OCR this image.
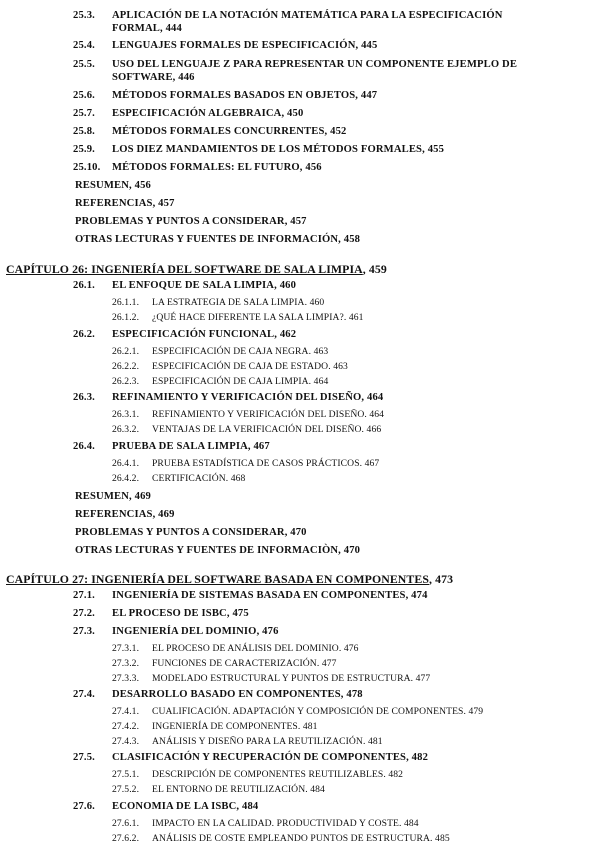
25.3. APLICACIÓN DE LA NOTACIÓN MATEMÁTICA PARA LA ESPECIFICACIÓN
FORMAL, 444
25.4. LENGUAJES FORMALES DE ESPECIFICACIÓN, 445
25.5. USO DEL LENGUAJE Z PARA REPRESENTAR UN COMPONENTE EJEMPLO DE
SOFTWARE, 446
25.6. MÉTODOS FORMALES BASADOS EN OBJETOS, 447
25.7. ESPECIFICACIÓN ALGEBRAICA, 450
25.8. MÉTODOS FORMALES CONCURRENTES, 452
25.9. LOS DIEZ MANDAMIENTOS DE LOS MÉTODOS FORMALES, 455
25.10. MÉTODOS FORMALES: EL FUTURO, 456
RESUMEN, 456
REFERENCIAS, 457
PROBLEMAS Y PUNTOS A CONSIDERAR, 457
OTRAS LECTURAS Y FUENTES DE INFORMACIÓN, 458
CAPÍTULO 26: INGENIERÍA DEL SOFTWARE DE SALA LIMPIA, 459
26.1. EL ENFOQUE DE SALA LIMPIA, 460
26.1.1. LA ESTRATEGIA DE SALA LIMPIA. 460
26.1.2. ¿QUÉ HACE DIFERENTE LA SALA LIMPIA?. 461
26.2. ESPECIFICACIÓN FUNCIONAL, 462
26.2.1. ESPECIFICACIÓN DE CAJA NEGRA. 463
26.2.2. ESPECIFICACIÓN DE CAJA DE ESTADO. 463
26.2.3. ESPECIFICACIÓN DE CAJA LIMPIA. 464
26.3. REFINAMIENTO Y VERIFICACIÓN DEL DISEÑO, 464
26.3.1. REFINAMIENTO Y VERIFICACIÓN DEL DISEÑO. 464
26.3.2. VENTAJAS DE LA VERIFICACIÓN DEL DISEÑO. 466
26.4. PRUEBA DE SALA LIMPIA, 467
26.4.1. PRUEBA ESTADÍSTICA DE CASOS PRÁCTICOS. 467
26.4.2. CERTIFICACIÓN. 468
RESUMEN, 469
REFERENCIAS, 469
PROBLEMAS Y PUNTOS A CONSIDERAR, 470
OTRAS LECTURAS Y FUENTES DE INFORMACIÒN, 470
CAPÍTULO 27: INGENIERÍA DEL SOFTWARE BASADA EN COMPONENTES, 473
27.1. INGENIERÍA DE SISTEMAS BASADA EN COMPONENTES, 474
27.2. EL PROCESO DE ISBC, 475
27.3. INGENIERÍA DEL DOMINIO, 476
27.3.1. EL PROCESO DE ANÁLISIS DEL DOMINIO. 476
27.3.2. FUNCIONES DE CARACTERIZACIÓN. 477
27.3.3. MODELADO ESTRUCTURAL Y PUNTOS DE ESTRUCTURA. 477
27.4. DESARROLLO BASADO EN COMPONENTES, 478
27.4.1. CUALIFICACIÓN. ADAPTACIÓN Y COMPOSICIÓN DE COMPONENTES. 479
27.4.2. INGENIERÍA DE COMPONENTES. 481
27.4.3. ANÁLISIS Y DISEÑO PARA LA REUTILIZACIÓN. 481
27.5. CLASIFICACIÓN Y RECUPERACIÓN DE COMPONENTES, 482
27.5.1. DESCRIPCIÓN DE COMPONENTES REUTILIZABLES. 482
27.5.2. EL ENTORNO DE REUTILIZACIÓN. 484
27.6. ECONOMIA DE LA ISBC, 484
27.6.1. IMPACTO EN LA CALIDAD. PRODUCTIVIDAD Y COSTE. 484
27.6.2. ANÁLISIS DE COSTE EMPLEANDO PUNTOS DE ESTRUCTURA. 485
